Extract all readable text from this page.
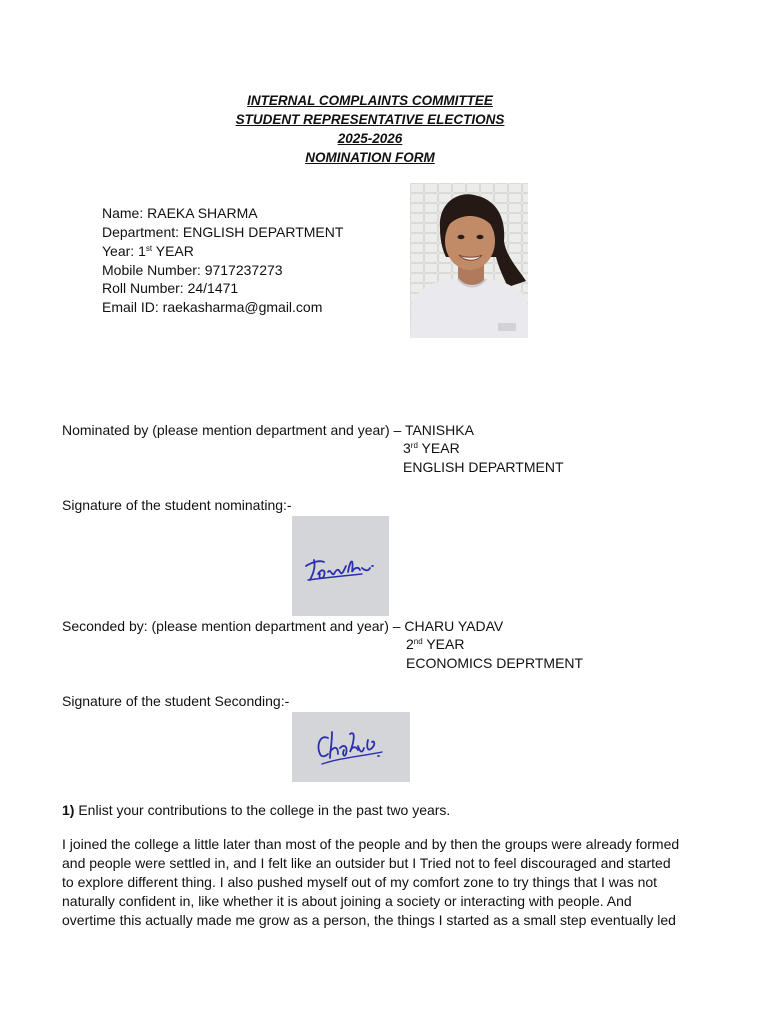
INTERNAL COMPLAINTS COMMITTEE
STUDENT REPRESENTATIVE ELECTIONS
2025-2026
NOMINATION FORM
Name: RAEKA SHARMA
Department: ENGLISH DEPARTMENT
Year: 1st YEAR
Mobile Number: 9717237273
Roll Number: 24/1471
Email ID: raekasharma@gmail.com
Nominated by (please mention department and year) – TANISHKA
3rd YEAR
ENGLISH DEPARTMENT
Signature of the student nominating:-
Seconded by: (please mention department and year) – CHARU YADAV
2nd YEAR
ECONOMICS DEPRTMENT
Signature of the student Seconding:-
1) Enlist your contributions to the college in the past two years.
I joined the college a little later than most of the people and by then the groups were already formed and people were settled in, and I felt like an outsider but I Tried not to feel discouraged and started to explore different thing. I also pushed myself out of my comfort zone to try things that I was not naturally confident in, like whether it is about joining a society or interacting with people. And overtime this actually made me grow as a person, the things I started as a small step eventually led
